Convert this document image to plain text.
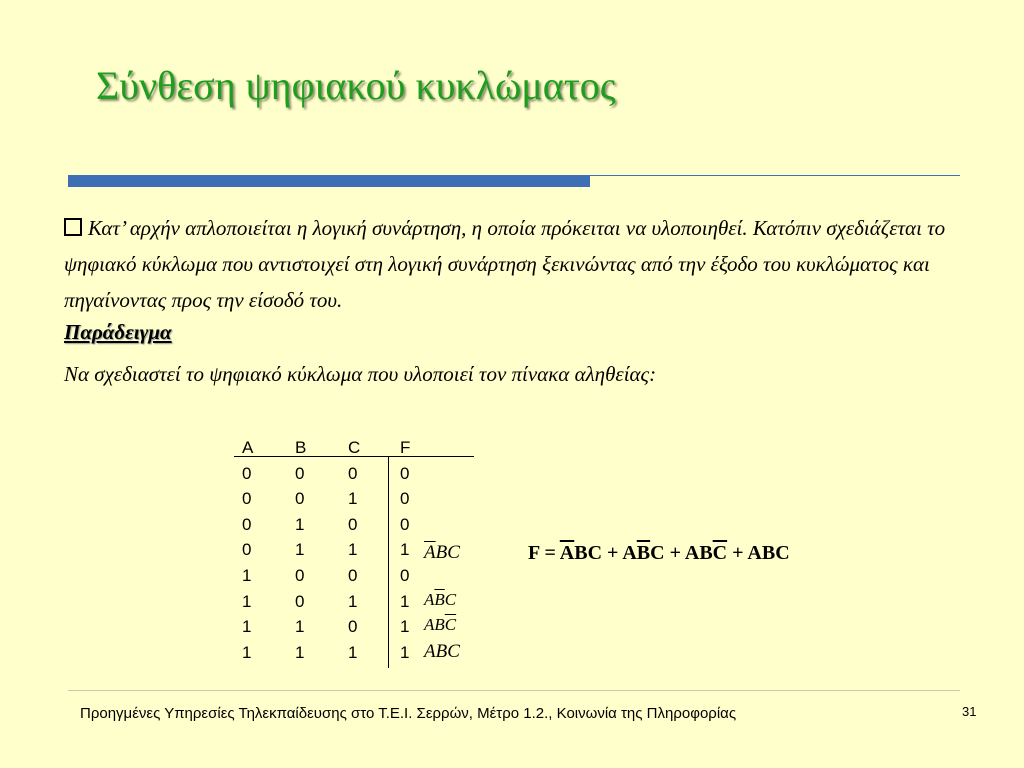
Σύνθεση ψηφιακού κυκλώματος
Κατ’ αρχήν απλοποιείται η λογική συνάρτηση, η οποία πρόκειται να υλοποιηθεί. Κατόπιν σχεδιάζεται το ψηφιακό κύκλωμα που αντιστοιχεί στη λογική συνάρτηση ξεκινώντας από την έξοδο του κυκλώματος και πηγαίνοντας προς την είσοδό του.
Παράδειγμα
Να σχεδιαστεί το ψηφιακό κύκλωμα που υλοποιεί τον πίνακα αληθείας:
A B C F
0	0	0	0
0	0	1	0
0	1	0	0
0	1	1	1 $\overline{A}BC$
1	0	0	0
1	0	1	1 $A\overline{B}C$
1	1	0	1 $AB\overline{C}$
1	1	1	1 ABC
$F = \overline{A}BC + A\overline{B}C + AB\overline{C}$ + ABC
Προηγμένες Υπηρεσίες Τηλεκπαίδευσης στο Τ.Ε.Ι. Σερρών, Μέτρο 1.2., Κοινωνία της Πληροφορίας	31
